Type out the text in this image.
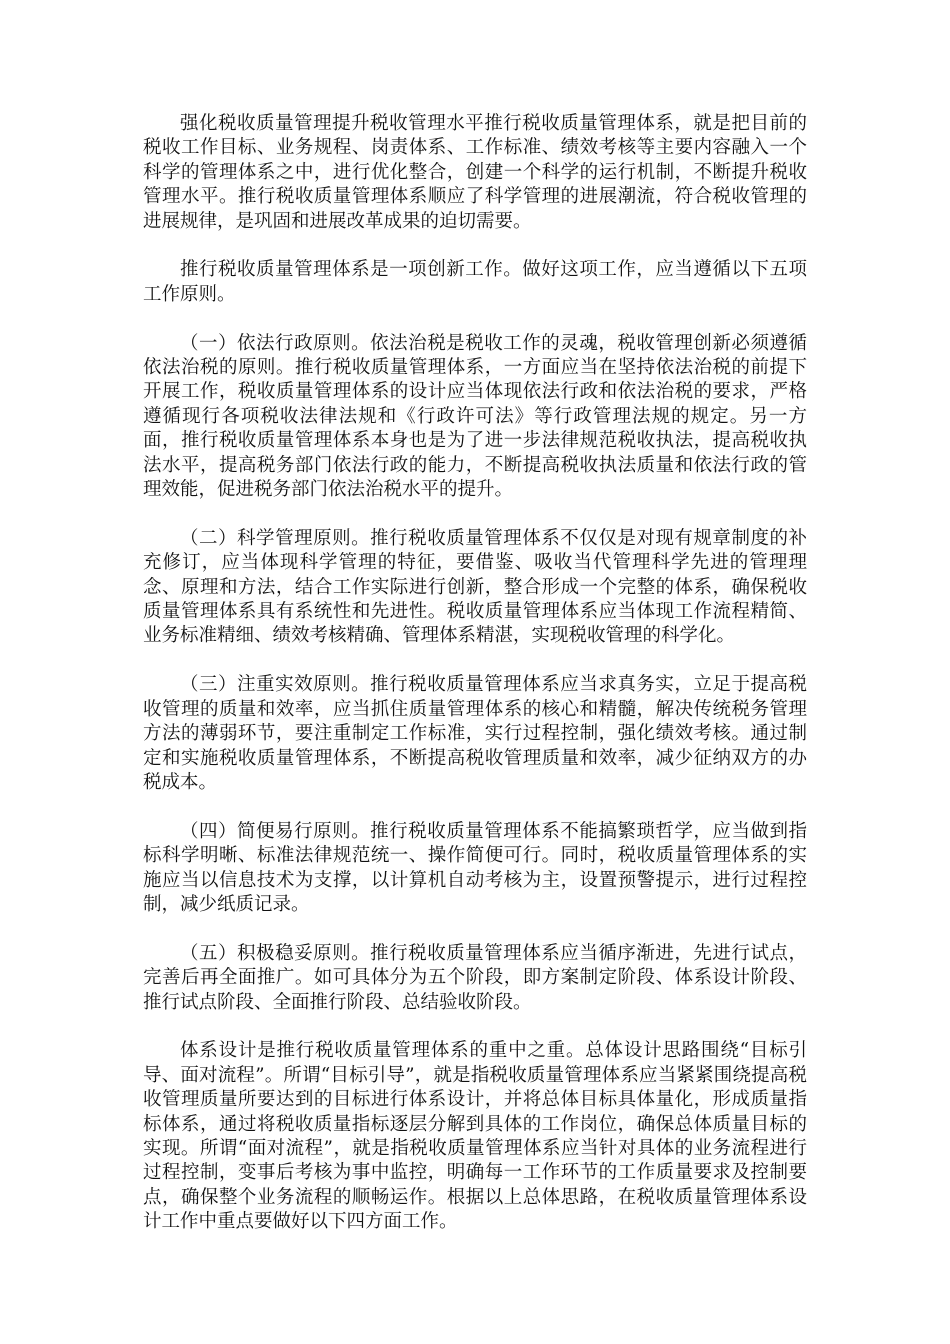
强化税收质量管理提升税收管理水平推行税收质量管理体系，就是把目前的税收工作目标、业务规程、岗责体系、工作标准、绩效考核等主要内容融入一个科学的管理体系之中，进行优化整合，创建一个科学的运行机制，不断提升税收管理水平。推行税收质量管理体系顺应了科学管理的进展潮流，符合税收管理的进展规律，是巩固和进展改革成果的迫切需要。

推行税收质量管理体系是一项创新工作。做好这项工作，应当遵循以下五项工作原则。

（一）依法行政原则。依法治税是税收工作的灵魂，税收管理创新必须遵循依法治税的原则。推行税收质量管理体系，一方面应当在坚持依法治税的前提下开展工作，税收质量管理体系的设计应当体现依法行政和依法治税的要求，严格遵循现行各项税收法律法规和《行政许可法》等行政管理法规的规定。另一方面，推行税收质量管理体系本身也是为了进一步法律规范税收执法，提高税收执法水平，提高税务部门依法行政的能力，不断提高税收执法质量和依法行政的管理效能，促进税务部门依法治税水平的提升。

（二）科学管理原则。推行税收质量管理体系不仅仅是对现有规章制度的补充修订，应当体现科学管理的特征，要借鉴、吸收当代管理科学先进的管理理念、原理和方法，结合工作实际进行创新，整合形成一个完整的体系，确保税收质量管理体系具有系统性和先进性。税收质量管理体系应当体现工作流程精简、业务标准精细、绩效考核精确、管理体系精湛，实现税收管理的科学化。

（三）注重实效原则。推行税收质量管理体系应当求真务实，立足于提高税收管理的质量和效率，应当抓住质量管理体系的核心和精髓，解决传统税务管理方法的薄弱环节，要注重制定工作标准，实行过程控制，强化绩效考核。通过制定和实施税收质量管理体系，不断提高税收管理质量和效率，减少征纳双方的办税成本。

（四）简便易行原则。推行税收质量管理体系不能搞繁琐哲学，应当做到指标科学明晰、标准法律规范统一、操作简便可行。同时，税收质量管理体系的实施应当以信息技术为支撑，以计算机自动考核为主，设置预警提示，进行过程控制，减少纸质记录。

（五）积极稳妥原则。推行税收质量管理体系应当循序渐进，先进行试点，完善后再全面推广。如可具体分为五个阶段，即方案制定阶段、体系设计阶段、推行试点阶段、全面推行阶段、总结验收阶段。

体系设计是推行税收质量管理体系的重中之重。总体设计思路围绕“目标引导、面对流程”。所谓“目标引导”，就是指税收质量管理体系应当紧紧围绕提高税收管理质量所要达到的目标进行体系设计，并将总体目标具体量化，形成质量指标体系，通过将税收质量指标逐层分解到具体的工作岗位，确保总体质量目标的实现。所谓“面对流程”，就是指税收质量管理体系应当针对具体的业务流程进行过程控制，变事后考核为事中监控，明确每一工作环节的工作质量要求及控制要点，确保整个业务流程的顺畅运作。根据以上总体思路，在税收质量管理体系设计工作中重点要做好以下四方面工作。
